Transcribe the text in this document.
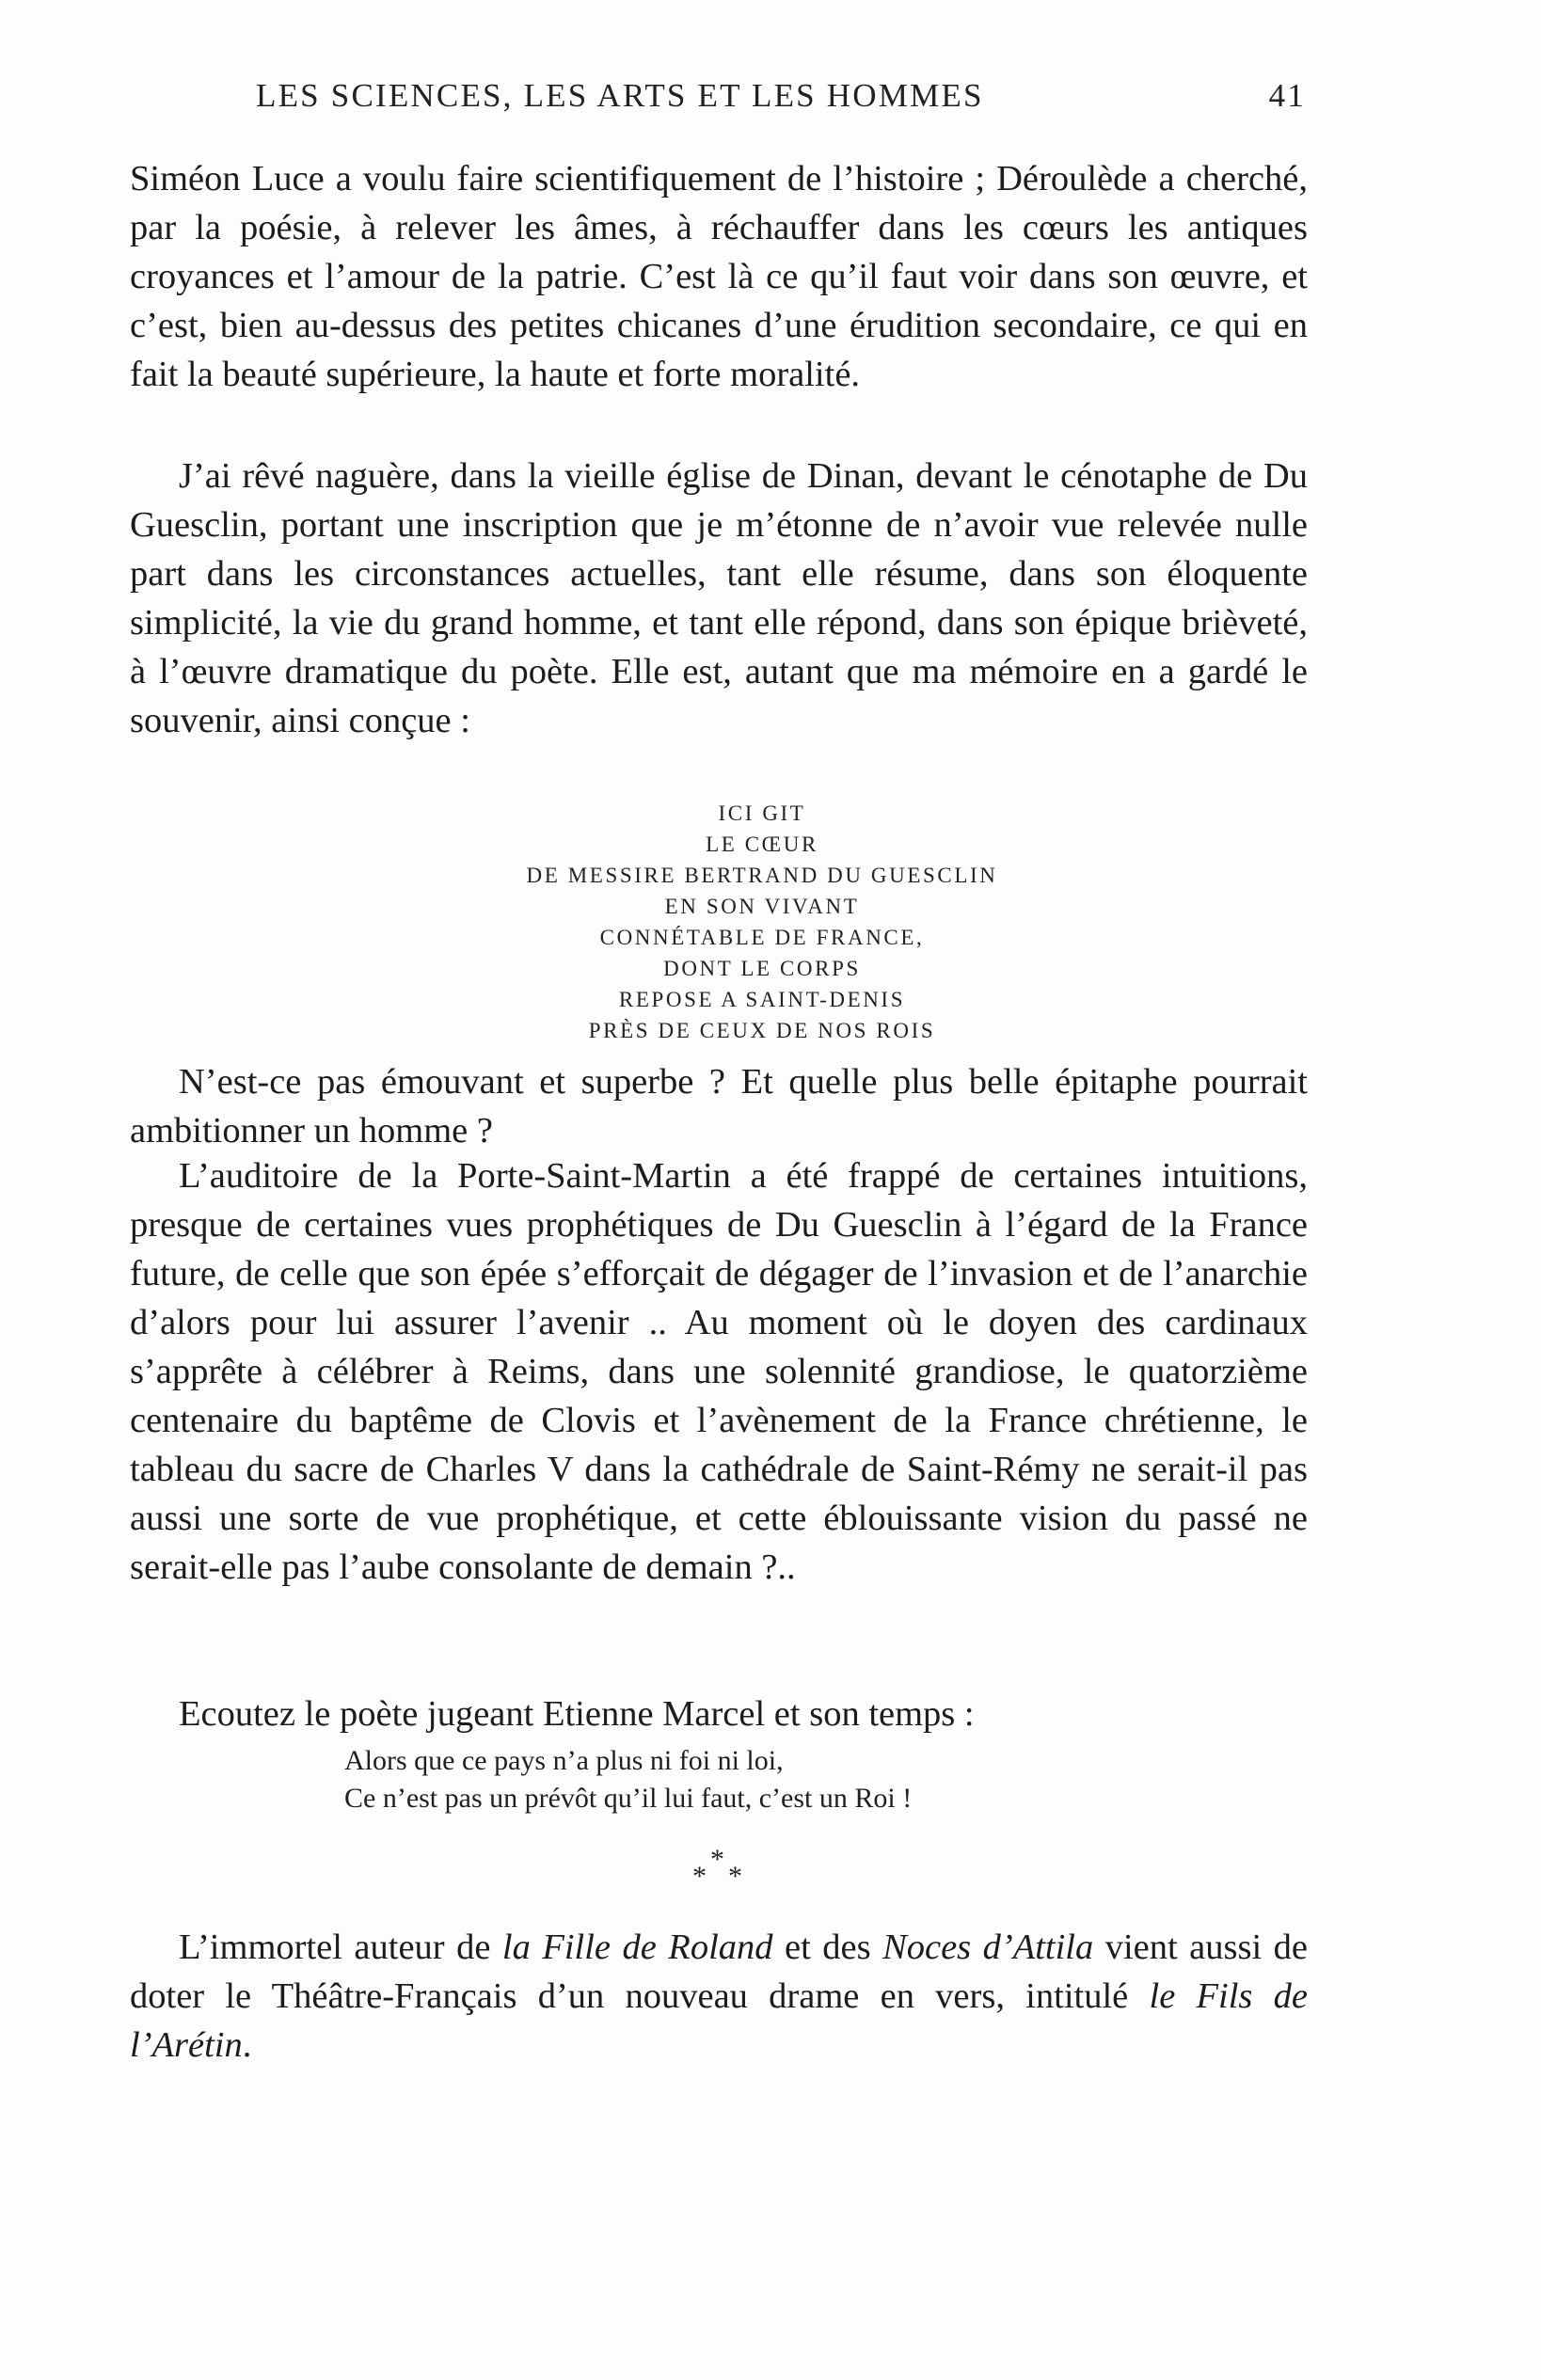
LES SCIENCES, LES ARTS ET LES HOMMES	41

Siméon Luce a voulu faire scientifiquement de l’histoire ; Déroulède a cherché, par la poésie, à relever les âmes, à réchauffer dans les cœurs les antiques croyances et l’amour de la patrie. C’est là ce qu’il faut voir dans son œuvre, et c’est, bien au-dessus des petites chicanes d’une érudition secondaire, ce qui en fait la beauté supérieure, la haute et forte moralité.

J’ai rêvé naguère, dans la vieille église de Dinan, devant le cénotaphe de Du Guesclin, portant une inscription que je m’étonne de n’avoir vue relevée nulle part dans les circonstances actuelles, tant elle résume, dans son éloquente simplicité, la vie du grand homme, et tant elle répond, dans son épique brièveté, à l’œuvre dramatique du poète. Elle est, autant que ma mémoire en a gardé le souvenir, ainsi conçue :

ICI GIT
LE CŒUR
DE MESSIRE BERTRAND DU GUESCLIN
EN SON VIVANT
CONNÉTABLE DE FRANCE,
DONT LE CORPS
REPOSE A SAINT-DENIS
PRÈS DE CEUX DE NOS ROIS

N’est-ce pas émouvant et superbe ? Et quelle plus belle épitaphe pourrait ambitionner un homme ?

L’auditoire de la Porte-Saint-Martin a été frappé de certaines intuitions, presque de certaines vues prophétiques de Du Guesclin à l’égard de la France future, de celle que son épée s’efforçait de dégager de l’invasion et de l’anarchie d’alors pour lui assurer l’avenir .. Au moment où le doyen des cardinaux s’apprête à célébrer à Reims, dans une solennité grandiose, le quatorzième centenaire du baptême de Clovis et l’avènement de la France chrétienne, le tableau du sacre de Charles V dans la cathédrale de Saint-Rémy ne serait-il pas aussi une sorte de vue prophétique, et cette éblouissante vision du passé ne serait-elle pas l’aube consolante de demain ?..

Ecoutez le poète jugeant Etienne Marcel et son temps :

Alors que ce pays n’a plus ni foi ni loi,
Ce n’est pas un prévôt qu’il lui faut, c’est un Roi !
*
* *

L’immortel auteur de la Fille de Roland et des Noces d’Attila vient aussi de doter le Théâtre-Français d’un nouveau drame en vers, intitulé le Fils de l’Arétin.
